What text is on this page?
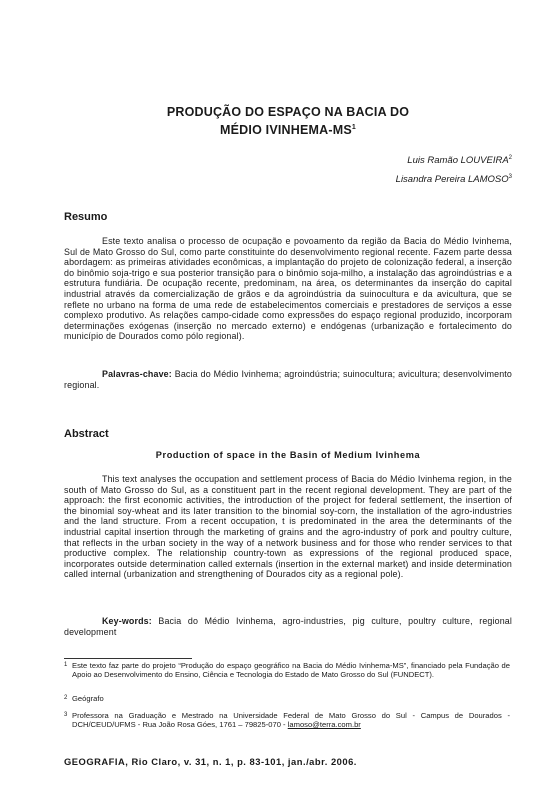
PRODUÇÃO DO ESPAÇO NA BACIA DO
MÉDIO IVINHEMA-$MS^1$
Luis Ramão LOUVEIRA$^2$
Lisandra Pereira LAMOSO$^3$
Resumo

Este texto analisa o processo de ocupação e povoamento da região da Bacia do Médio Ivinhema, Sul de Mato Grosso do Sul, como parte constituinte do desenvolvimento regional recente. Fazem parte dessa abordagem: as primeiras atividades econômicas, a implantação do projeto de colonização federal, a inserção do binômio soja-trigo e sua posterior transição para o binômio soja-milho, a instalação das agroindústrias e a estrutura fundiária. De ocupação recente, predominam, na área, os determinantes da inserção do capital industrial através da comercialização de grãos e da agroindústria da suinocultura e da avicultura, que se reflete no urbano na forma de uma rede de estabelecimentos comerciais e prestadores de serviços a esse complexo produtivo. As relações campo-cidade como expressões do espaço regional produzido, incorporam determinações exógenas (inserção no mercado externo) e endógenas (urbanização e fortalecimento do município de Dourados como pólo regional).

Palavras-chave: Bacia do Médio Ivinhema; agroindústria; suinocultura; avicultura; desenvolvimento regional.

Abstract
Production of space in the Basin of Medium Ivinhema

This text analyses the occupation and settlement process of Bacia do Médio Ivinhema region, in the south of Mato Grosso do Sul, as a constituent part in the recent regional development. They are part of the approach: the first economic activities, the introduction of the project for federal settlement, the insertion of the binomial soy-wheat and its later transition to the binomial soy-corn, the installation of the agro-industries and the land structure. From a recent occupation, t is predominated in the area the determinants of the industrial capital insertion through the marketing of grains and the agro-industry of pork and poultry culture, that reflects in the urban society in the way of a network business and for those who render services to that productive complex. The relationship country-town as expressions of the regional produced space, incorporates outside determination called externals (insertion in the external market) and inside determination called internal (urbanization and strengthening of Dourados city as a regional pole).

Key-words: Bacia do Médio Ivinhema, agro-industries, pig culture, poultry culture, regional development

1 Este texto faz parte do projeto “Produção do espaço geográfico na Bacia do Médio Ivinhema-MS”, financiado pela Fundação de Apoio ao Desenvolvimento do Ensino, Ciência e Tecnologia do Estado de Mato Grosso do Sul (FUNDECT).
2 Geógrafo
3 Professora na Graduação e Mestrado na Universidade Federal de Mato Grosso do Sul - Campus de Dourados - DCH/CEUD/UFMS - Rua João Rosa Góes, 1761 – 79825-070 - lamoso@terra.com.br
GEOGRAFIA, Rio Claro, v. 31, n. 1, p. 83-101, jan./abr. 2006.
